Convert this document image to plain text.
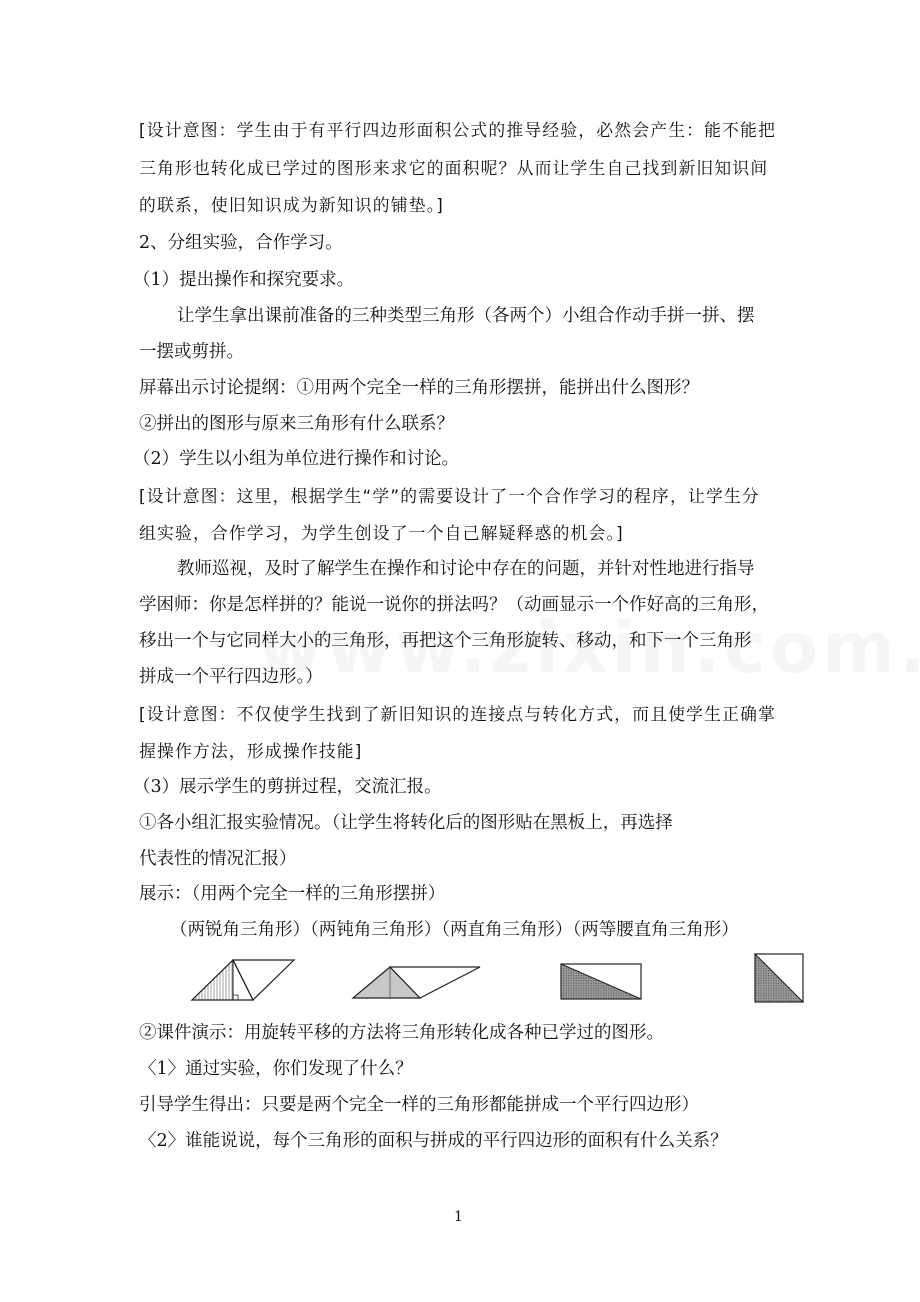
[设计意图：学生由于有平行四边形面积公式的推导经验，必然会产生：能不能把
三角形也转化成已学过的图形来求它的面积呢？从而让学生自己找到新旧知识间
的联系，使旧知识成为新知识的铺垫。]
2、分组实验，合作学习。
（1）提出操作和探究要求。
让学生拿出课前准备的三种类型三角形（各两个）小组合作动手拼一拼、摆
一摆或剪拼。
屏幕出示讨论提纲：①用两个完全一样的三角形摆拼，能拼出什么图形？
②拼出的图形与原来三角形有什么联系？
（2）学生以小组为单位进行操作和讨论。
[设计意图：这里，根据学生“学”的需要设计了一个合作学习的程序，让学生分
组实验，合作学习，为学生创设了一个自己解疑释惑的机会。]
教师巡视，及时了解学生在操作和讨论中存在的问题，并针对性地进行指导
学困师：你是怎样拼的？能说一说你的拼法吗？（动画显示一个作好高的三角形，
移出一个与它同样大小的三角形，再把这个三角形旋转、移动，和下一个三角形
拼成一个平行四边形。）
[设计意图：不仅使学生找到了新旧知识的连接点与转化方式，而且使学生正确掌
握操作方法，形成操作技能]
（3）展示学生的剪拼过程，交流汇报。
①各小组汇报实验情况。（让学生将转化后的图形贴在黑板上，再选择
代表性的情况汇报）
展示：（用两个完全一样的三角形摆拼）
（两锐角三角形）（两钝角三角形）（两直角三角形）（两等腰直角三角形）
②课件演示：用旋转平移的方法将三角形转化成各种已学过的图形。
〈1〉通过实验，你们发现了什么？
引导学生得出：只要是两个完全一样的三角形都能拼成一个平行四边形）
〈2〉谁能说说，每个三角形的面积与拼成的平行四边形的面积有什么关系？
1
